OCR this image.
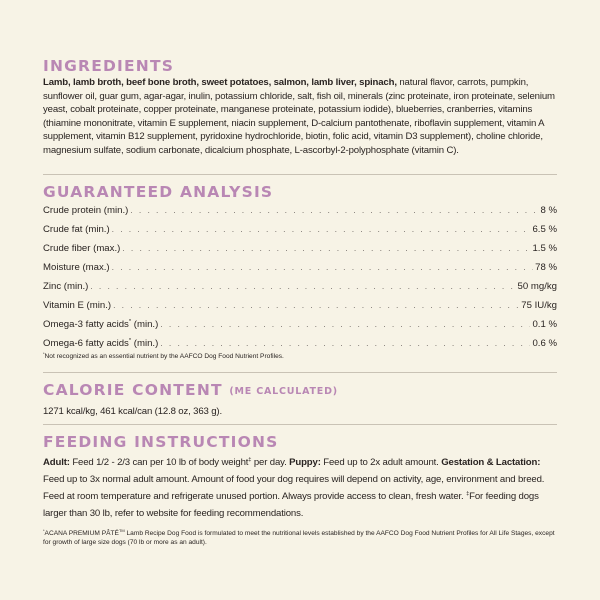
INGREDIENTS

Lamb, lamb broth, beef bone broth, sweet potatoes, salmon, lamb liver, spinach, natural flavor, carrots, pumpkin, sunflower oil, guar gum, agar-agar, inulin, potassium chloride, salt, fish oil, minerals (zinc proteinate, iron proteinate, selenium yeast, cobalt proteinate, copper proteinate, manganese proteinate, potassium iodide), blueberries, cranberries, vitamins (thiamine mononitrate, vitamin E supplement, niacin supplement, D-calcium pantothenate, riboflavin supplement, vitamin A supplement, vitamin B12 supplement, pyridoxine hydrochloride, biotin, folic acid, vitamin D3 supplement), choline chloride, magnesium sulfate, sodium carbonate, dicalcium phosphate, L-ascorbyl-2-polyphosphate (vitamin C).

GUARANTEED ANALYSIS
Crude protein (min.) . . .	8 %
Crude fat (min.) . . .	6.5 %
Crude fiber (max.) . . .	1.5 %
Moisture (max.) . . .	78 %
Zinc (min.) . . .	50 mg/kg
Vitamin E (min.) . . .	75 IU/kg
Omega-3 fatty acids* (min.) . . .	0.1 %
Omega-6 fatty acids* (min.) . . .	0.6 %

*Not recognized as an essential nutrient by the AAFCO Dog Food Nutrient Profiles.

CALORIE CONTENT (ME CALCULATED)

1271 kcal/kg, 461 kcal/can (12.8 oz, 363 g).

FEEDING INSTRUCTIONS

Adult: Feed 1/2 - 2/3 can per 10 lb of body weight‡ per day. Puppy: Feed up to 2x adult amount. Gestation & Lactation: Feed up to 3x normal adult amount. Amount of food your dog requires will depend on activity, age, environment and breed. Feed at room temperature and refrigerate unused portion. Always provide access to clean, fresh water. ‡For feeding dogs larger than 30 lb, refer to website for feeding recommendations.

*ACANA PREMIUM PÂTÉ™ Lamb Recipe Dog Food is formulated to meet the nutritional levels established by the AAFCO Dog Food Nutrient Profiles for All Life Stages, except for growth of large size dogs (70 lb or more as an adult).
